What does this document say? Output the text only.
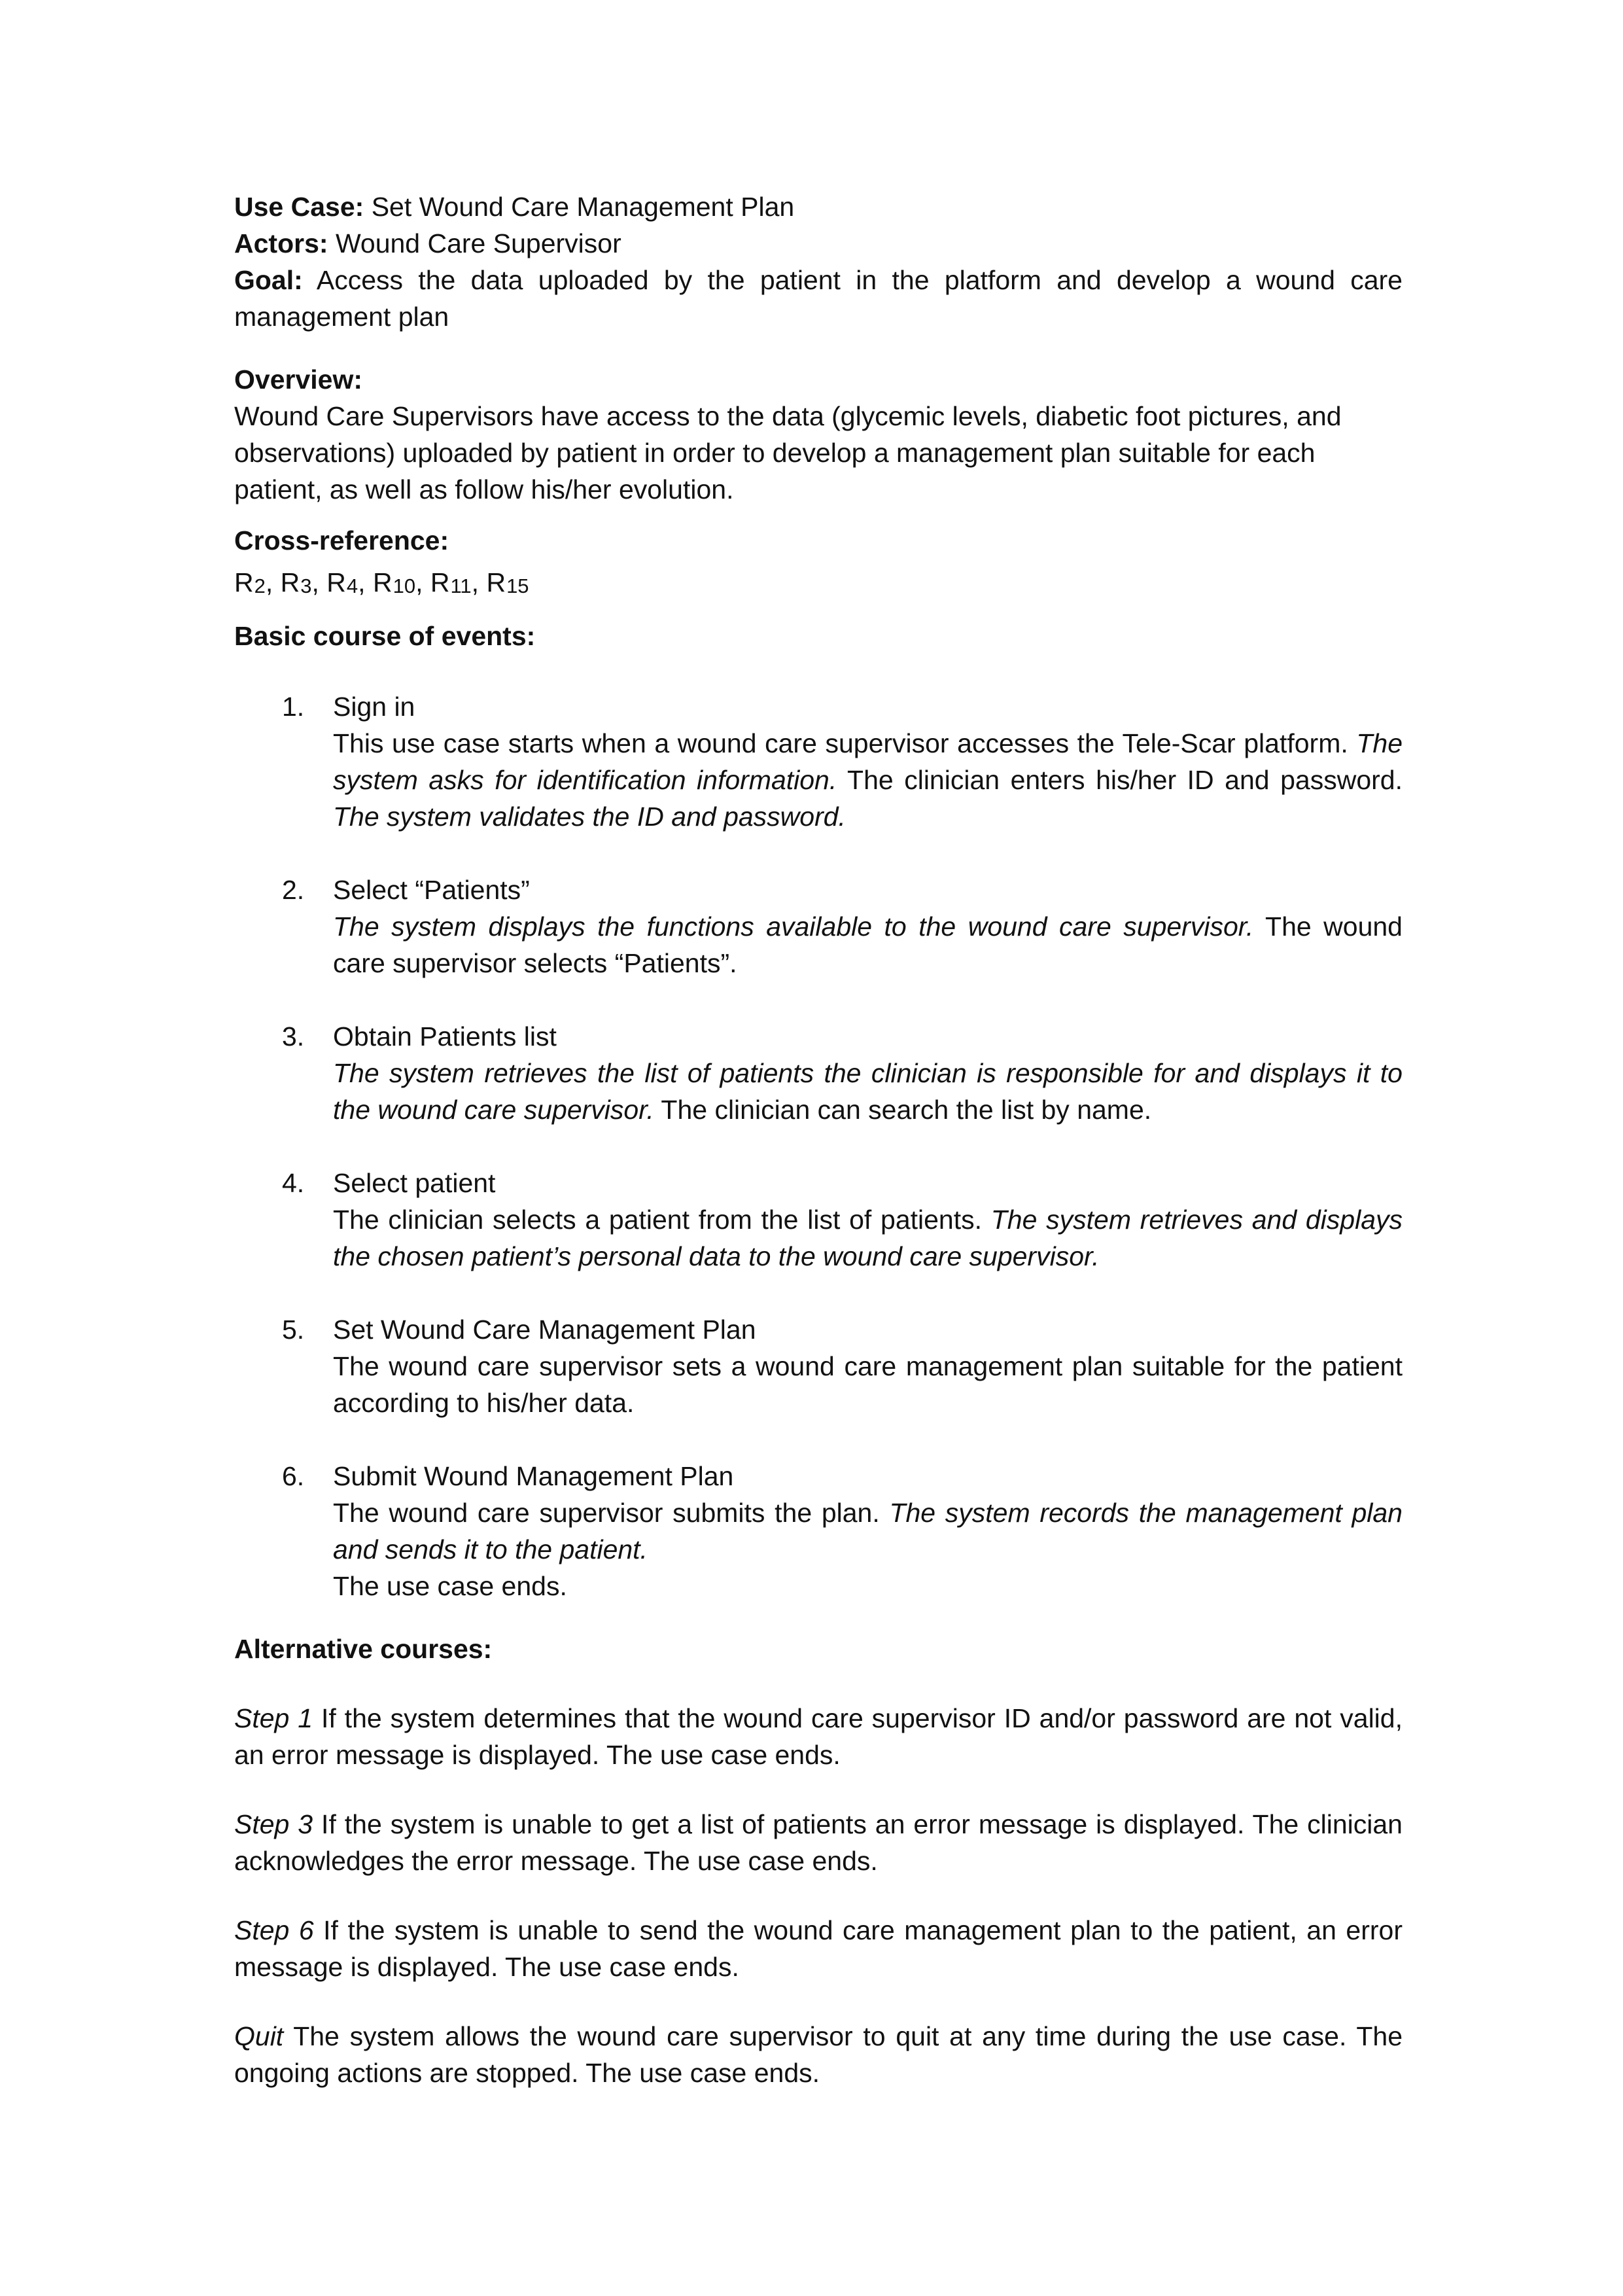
Use Case: Set Wound Care Management Plan

Actors: Wound Care Supervisor

Goal: Access the data uploaded by the patient in the platform and develop a wound care management plan

Overview:

Wound Care Supervisors have access to the data (glycemic levels, diabetic foot pictures, and observations) uploaded by patient in order to develop a management plan suitable for each patient, as well as follow his/her evolution.

Cross-reference:

$R_2$, $R_3$, $R_4$, $R_{10}$, $R_{11}$, $R_{15}$

Basic course of events:

1. Sign in
This use case starts when a wound care supervisor accesses the Tele-Scar platform. The system asks for identification information. The clinician enters his/her ID and password. The system validates the ID and password.
2. Select “Patients”
The system displays the functions available to the wound care supervisor. The wound care supervisor selects “Patients”.
3. Obtain Patients list
The system retrieves the list of patients the clinician is responsible for and displays it to the wound care supervisor. The clinician can search the list by name.
4. Select patient
The clinician selects a patient from the list of patients. The system retrieves and displays the chosen patient’s personal data to the wound care supervisor.
5. Set Wound Care Management Plan
The wound care supervisor sets a wound care management plan suitable for the patient according to his/her data.
6. Submit Wound Management Plan
The wound care supervisor submits the plan. The system records the management plan and sends it to the patient.
The use case ends.

Alternative courses:

Step 1 If the system determines that the wound care supervisor ID and/or password are not valid, an error message is displayed. The use case ends.

Step 3 If the system is unable to get a list of patients an error message is displayed. The clinician acknowledges the error message. The use case ends.

Step 6 If the system is unable to send the wound care management plan to the patient, an error message is displayed. The use case ends.

Quit The system allows the wound care supervisor to quit at any time during the use case. The ongoing actions are stopped. The use case ends.
